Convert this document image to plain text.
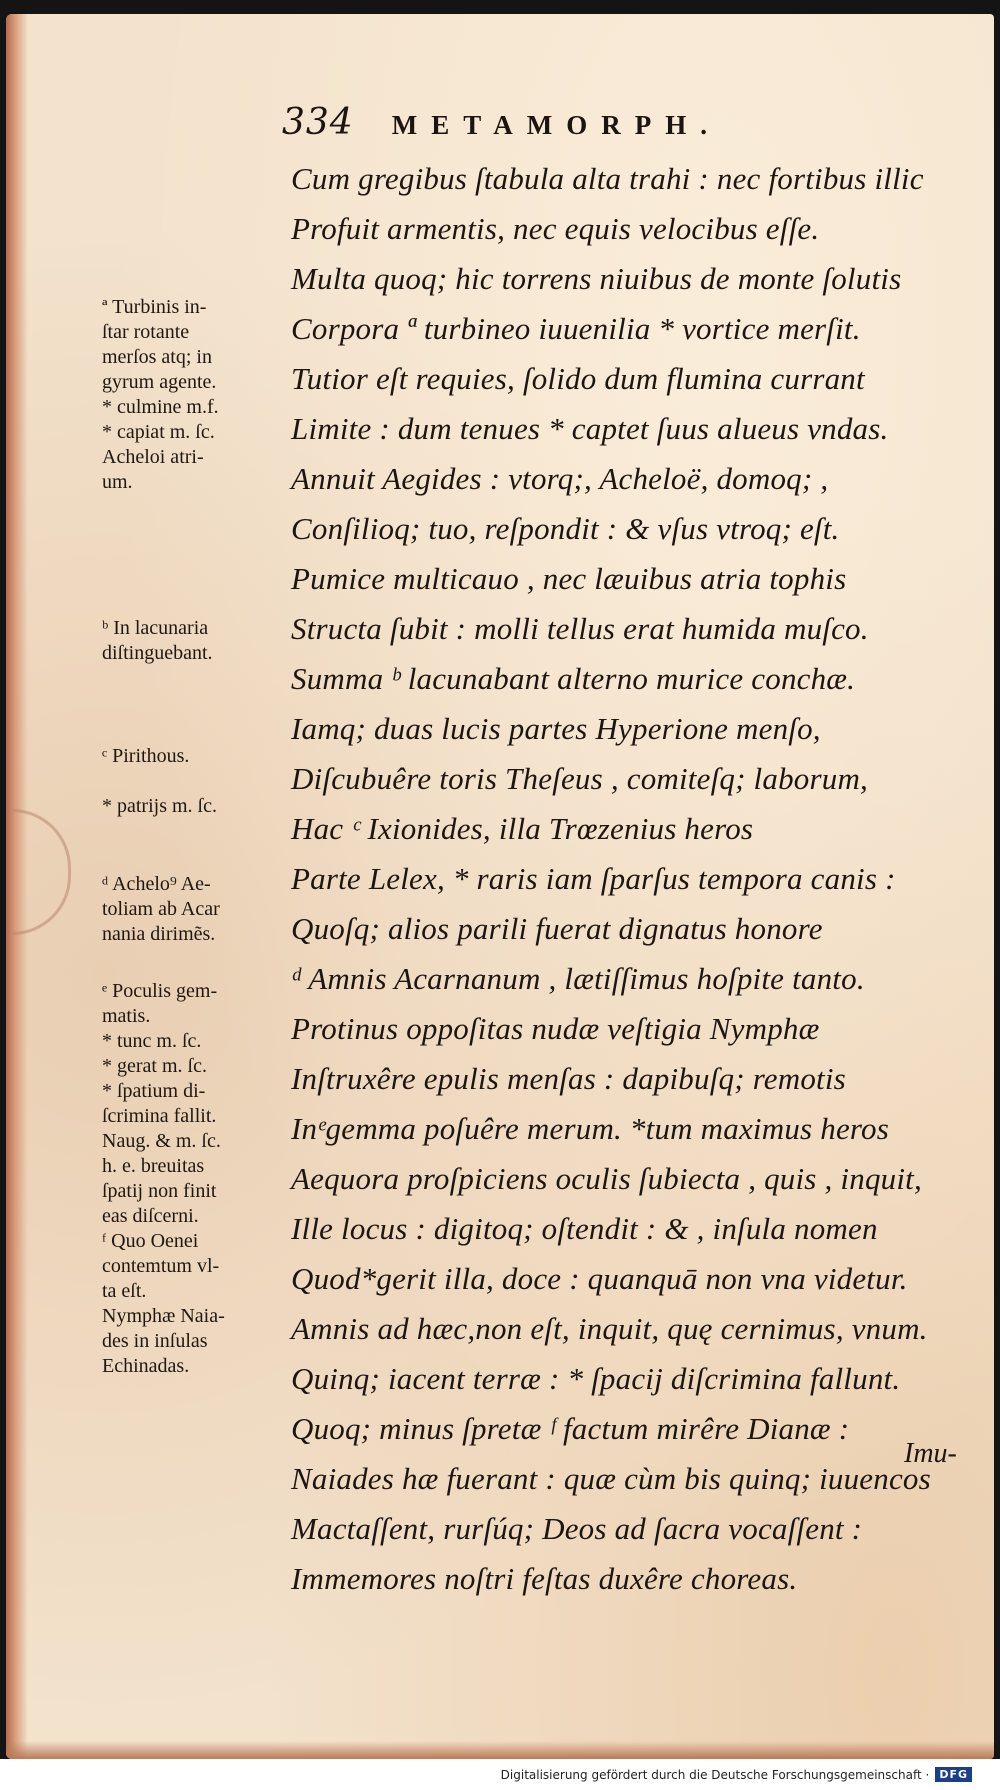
334 METAMORPH.
Cum gregibus ſtabula alta trahi : nec fortibus illic
Profuit armentis, nec equis velocibus eſſe.
Multa quoq; hic torrens niuibus de monte ſolutis
Corpora ª turbineo iuuenilia * vortice merſit.
Tutior eſt requies, ſolido dum flumina currant
Limite : dum tenues * captet ſuus alueus vndas.
Annuit Aegides : vtorq;, Acheloë, domoq; ,
Conſilioq; tuo, reſpondit : & vſus vtroq; eſt.
Pumice multicauo , nec læuibus atria tophis
Structa ſubit : molli tellus erat humida muſco.
Summa ᵇ lacunabant alterno murice conchæ.
Iamq; duas lucis partes Hyperione menſo,
Diſcubuêre toris Theſeus , comiteſq; laborum,
Hac ᶜ Ixionides, illa Trœzenius heros
Parte Lelex, * raris iam ſparſus tempora canis :
Quoſq; alios parili fuerat dignatus honore
ᵈ Amnis Acarnanum , lætiſſimus hoſpite tanto.
Protinus oppoſitas nudæ veſtigia Nymphæ
Inſtruxêre epulis menſas : dapibuſq; remotis
Inᵉgemma poſuêre merum. *tum maximus heros
Aequora proſpiciens oculis ſubiecta , quis , inquit,
Ille locus : digitoq; oſtendit : & , inſula nomen
Quod*gerit illa, doce : quanquā non vna videtur.
Amnis ad hæc,non eſt, inquit, quę cernimus, vnum.
Quinq; iacent terræ : * ſpacij diſcrimina fallunt.
Quoq; minus ſpretæ ᶠ factum mirêre Dianæ :
Naiades hæ fuerant : quæ cùm bis quinq; iuuencos
Mactaſſent, rurſúq; Deos ad ſacra vocaſſent :
Immemores noſtri feſtas duxêre choreas.
ª Turbinis in-
ſtar rotante
merſos atq; in
gyrum agente.
* culmine m.f.
* capiat m. ſc.
Acheloi atri-
um.
ᵇ In lacunaria
diſtinguebant.
ᶜ Pirithous.
* patrijs m. ſc.
ᵈ Achelo⁹ Ae-
toliam ab Acar
nania dirimẽs.
ᵉ Poculis gem-
matis.
* tunc m. ſc.
* gerat m. ſc.
* ſpatium di-
ſcrimina fallit.
Naug. & m. ſc.
h. e. breuitas
ſpatij non finit
eas diſcerni.
ᶠ Quo Oenei
contemtum vl-
ta eſt.
Nymphæ Naia-
des in inſulas
Echinadas.
Imu-
Digitalisierung gefördert durch die Deutsche Forschungsgemeinschaft · DFG
